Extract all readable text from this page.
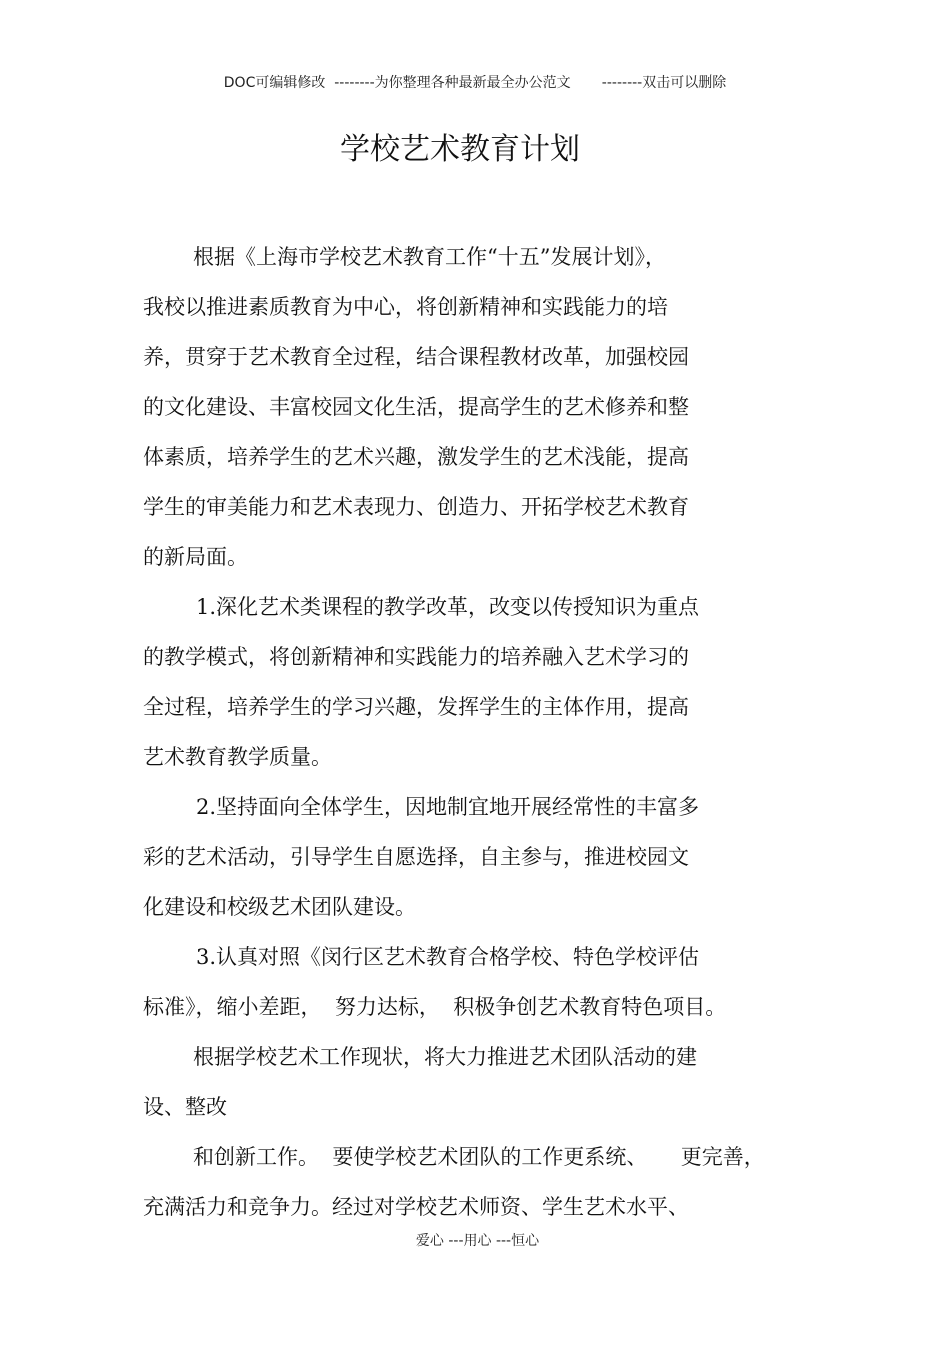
DOC可编辑修改  --------为你整理各种最新最全办公范文       --------双击可以删除
学校艺术教育计划
根据《上海市学校艺术教育工作“十五”发展计划》，
我校以推进素质教育为中心，将创新精神和实践能力的培
养，贯穿于艺术教育全过程，结合课程教材改革，加强校园
的文化建设、丰富校园文化生活，提高学生的艺术修养和整
体素质，培养学生的艺术兴趣，激发学生的艺术浅能，提高
学生的审美能力和艺术表现力、创造力、开拓学校艺术教育
的新局面。
1.深化艺术类课程的教学改革，改变以传授知识为重点
的教学模式，将创新精神和实践能力的培养融入艺术学习的
全过程，培养学生的学习兴趣，发挥学生的主体作用，提高
艺术教育教学质量。
2.坚持面向全体学生，因地制宜地开展经常性的丰富多
彩的艺术活动，引导学生自愿选择，自主参与，推进校园文
化建设和校级艺术团队建设。
3.认真对照《闵行区艺术教育合格学校、特色学校评估
标准》，缩小差距，  努力达标，  积极争创艺术教育特色项目。
根据学校艺术工作现状，将大力推进艺术团队活动的建
设、整改
和创新工作。  要使学校艺术团队的工作更系统、     更完善，
充满活力和竞争力。经过对学校艺术师资、学生艺术水平、
爱心 ---用心 ---恒心
